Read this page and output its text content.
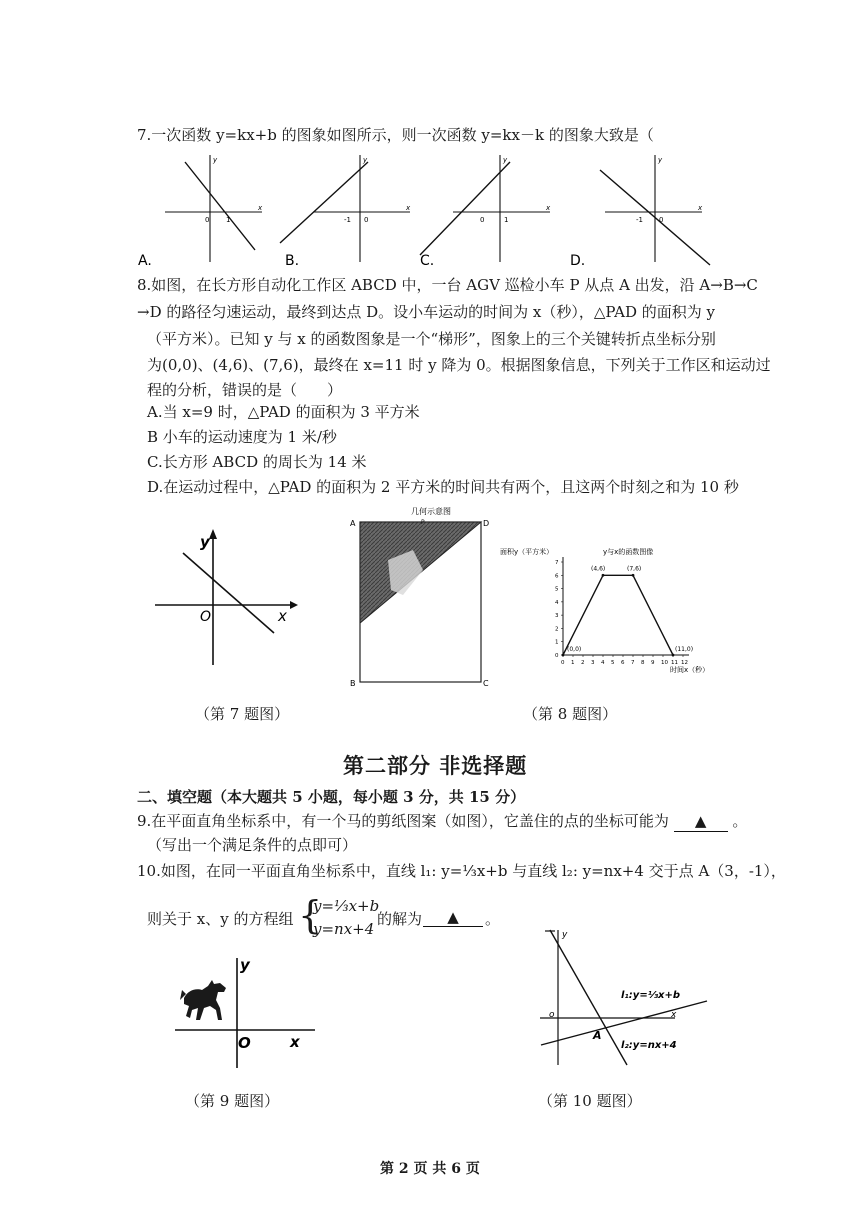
7.一次函数 y=kx+b 的图象如图所示，则一次函数 y=kx－k 的图象大致是（
x
y
0 1
A.
x
y
-1 0
B.
x
y
0	1
C.
x
y
-1 0
D.
8.如图，在长方形自动化工作区 ABCD 中，一台 AGV 巡检小车 P 从点 A 出发，沿 A→B→C
→D 的路径匀速运动，最终到达点 D。设小车运动的时间为 x（秒），△PAD 的面积为 y
（平方米）。已知 y 与 x 的函数图象是一个“梯形”，图象上的三个关键转折点坐标分别
为(0,0)、(4,6)、(7,6)，最终在 x=11 时 y 降为 0。根据图象信息，下列关于工作区和运动过
程的分析，错误的是（　　）
A.当 x=9 时，△PAD 的面积为 3 平方米
B 小车的运动速度为 1 米/秒
C.长方形 ABCD 的周长为 14 米
D.在运动过程中，△PAD 的面积为 2 平方米的时间共有两个，且这两个时刻之和为 10 秒
O	x
y
（第 7 题图）
几何示意图
A	D
B	C
P
y与x的函数图像
面积y（平方米）
时间x（秒）
0 1 2 3 4 5 6 7 8 9 10 11 12
0
1
2
3
4
5
6
7
(0,0)
(4,6)	(7,6)
(11,0)
（第 8 题图）
第二部分 非选择题
二、填空题（本大题共 5 小题，每小题 3 分，共 15 分）
9.在平面直角坐标系中，有一个马的剪纸图案（如图），它盖住的点的坐标可能为 ▲ 。
（写出一个满足条件的点即可）
10.如图，在同一平面直角坐标系中，直线 l₁: y=⅓x+b 与直线 l₂: y=nx+4 交于点 A（3，-1），
则关于 x、y 的方程组 {
y=⅓x+b
y=nx+4
的解为	▲	。
y
x
O
（第 9 题图）
y
x
o
A
l₁:y=⅓x+b
l₂:y=nx+4
（第 10 题图）
第 2 页 共 6 页
